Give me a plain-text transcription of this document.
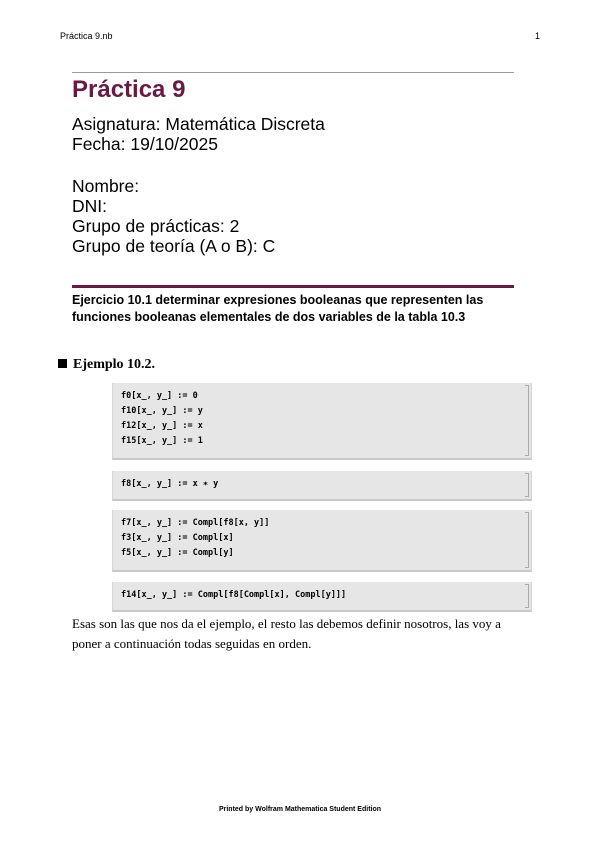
Práctica 9.nb	1
Práctica 9
Asignatura: Matemática Discreta
Fecha: 19/10/2025
Nombre:
DNI:
Grupo de prácticas: 2
Grupo de teoría (A o B): C
Ejercicio 10.1 determinar expresiones booleanas que representen las funciones booleanas elementales de dos variables de la tabla 10.3
Ejemplo 10.2.
f0[x_, y_] := 0
f10[x_, y_] := y
f12[x_, y_] := x
f15[x_, y_] := 1
f8[x_, y_] := x ∗ y
f7[x_, y_] := Compl[f8[x, y]]
f3[x_, y_] := Compl[x]
f5[x_, y_] := Compl[y]
f14[x_, y_] := Compl[f8[Compl[x], Compl[y]]]
Esas son las que nos da el ejemplo, el resto las debemos definir nosotros, las voy a poner a continuación todas seguidas en orden.
Printed by Wolfram Mathematica Student Edition
